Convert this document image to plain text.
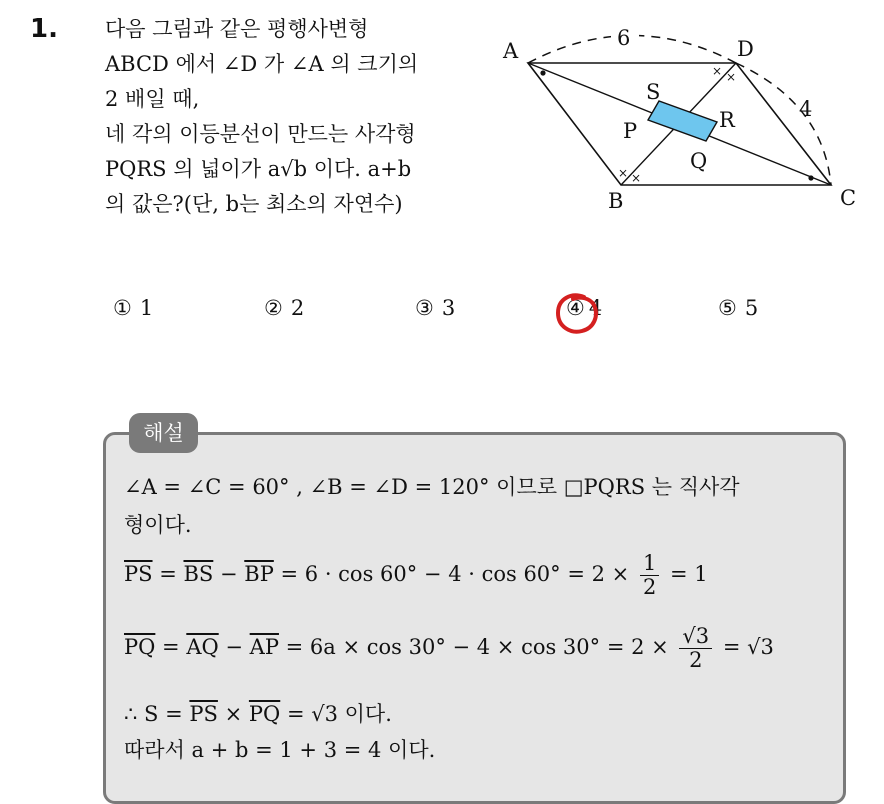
1. 다음 그림과 같은 평행사변형
ABCD 에서 ∠D 가 ∠A 의 크기의
2 배일 때,
네 각의 이등분선이 만드는 사각형
PQRS 의 넓이가 a√b 이다. a+b
의 값은?(단, b는 최소의 자연수)
× ×
× ×
A	D
B	C
P
S
R
Q
6
4
① 1	② 2	③ 3	④ 4	⑤ 5
해설
∠A = ∠C = 60° , ∠B = ∠D = 120° 이므로 □PQRS 는 직사각
형이다.
$\overline{PS} = \overline{BS} - \overline{BP} = 6 \cdot \cos 60^\circ - 4 \cdot \cos 60^\circ = 2 \times \frac{1}{2} = 1$
$\overline{PQ} = \overline{AQ} - \overline{AP} = 6a \times \cos 30^\circ - 4 \times \cos 30^\circ = 2 \times \frac{√3}{2} = √3$
∴ $S = \overline{PS} \times \overline{PQ} = √3$ 이다.
따라서 a + b = 1 + 3 = 4 이다.
